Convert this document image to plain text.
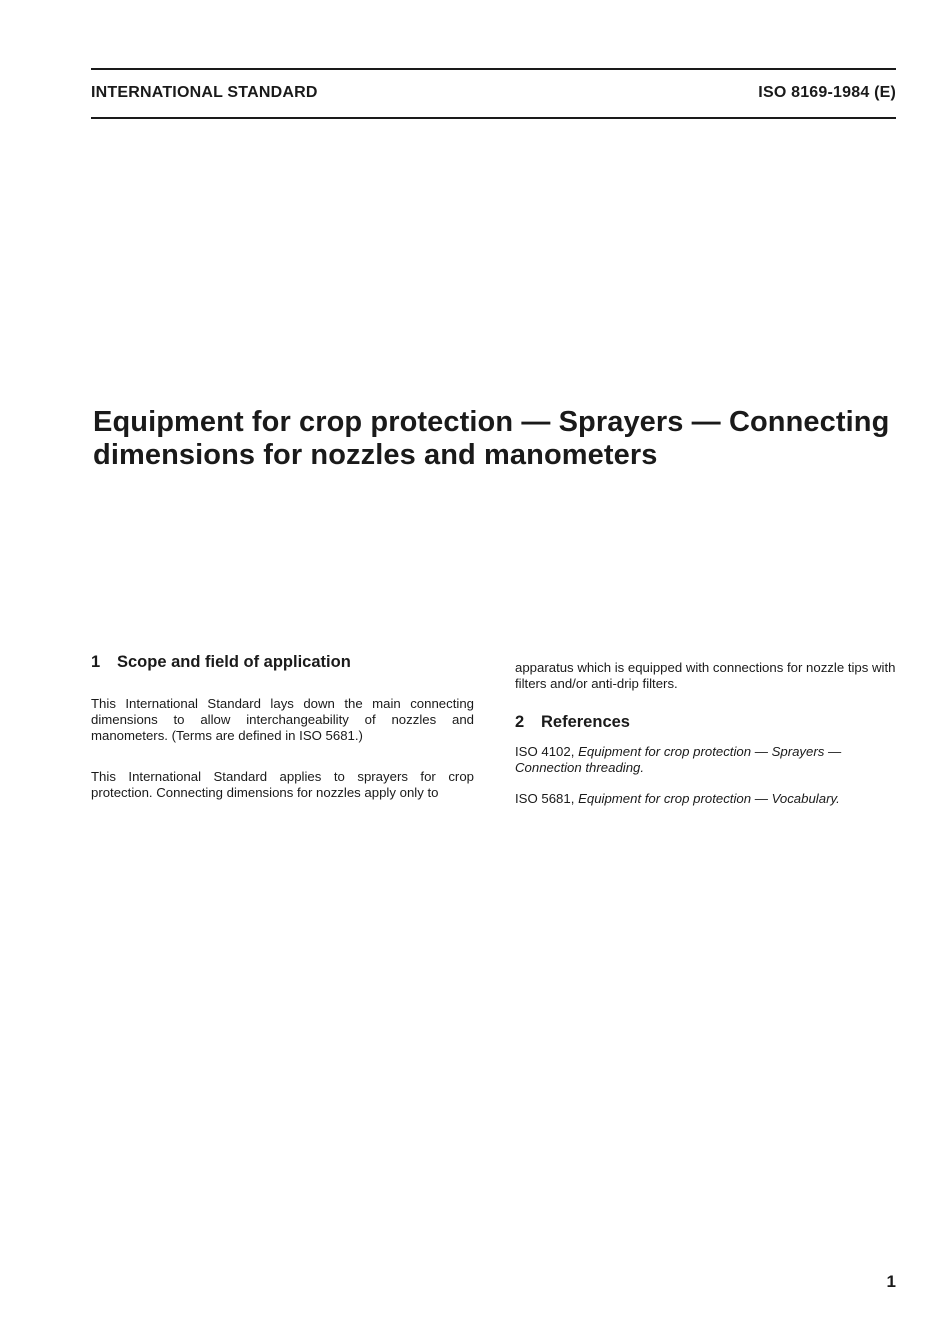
INTERNATIONAL STANDARD	ISO 8169-1984 (E)
Equipment for crop protection — Sprayers — Connecting
dimensions for nozzles and manometers
1 Scope and field of application

This International Standard lays down the main connecting dimensions to allow interchangeability of nozzles and manometers. (Terms are defined in ISO 5681.)

This International Standard applies to sprayers for crop protection. Connecting dimensions for nozzles apply only to

apparatus which is equipped with connections for nozzle tips with filters and/or anti-drip filters.

2 References

ISO 4102, Equipment for crop protection — Sprayers — Connection threading.

ISO 5681, Equipment for crop protection — Vocabulary.

1
